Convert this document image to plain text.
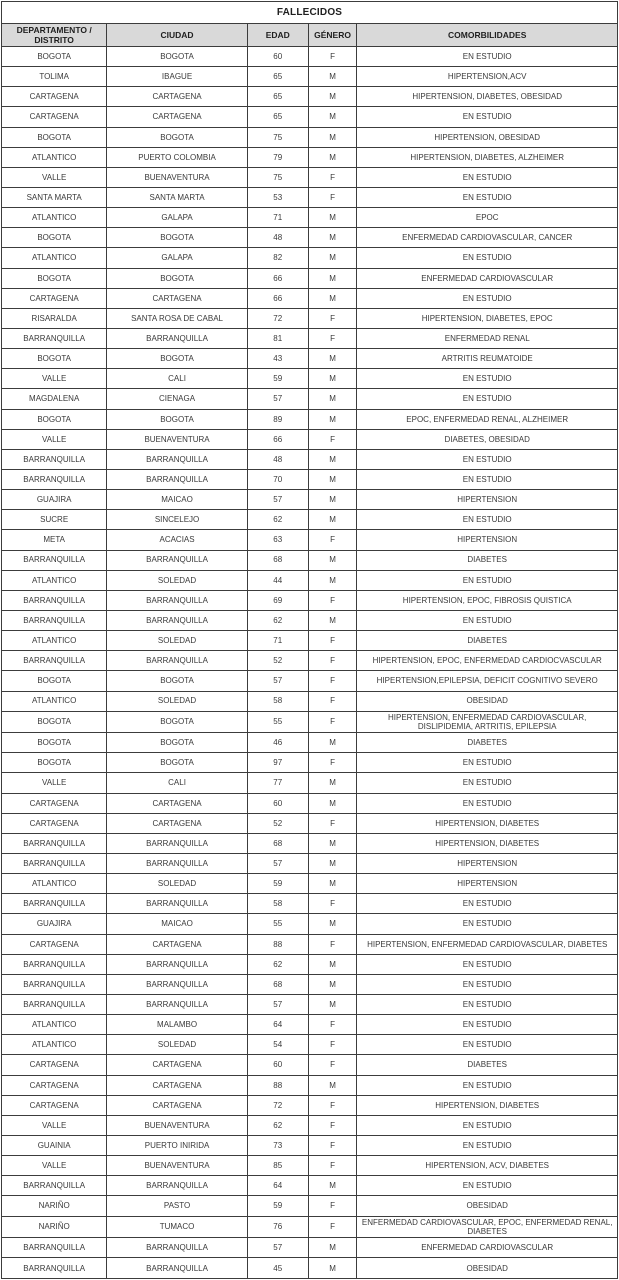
FALLECIDOS				
DEPARTAMENTO / DISTRITO	CIUDAD	EDAD	GÉNERO	COMORBILIDADES
BOGOTA	BOGOTA	60	F	EN ESTUDIO
TOLIMA	IBAGUE	65	M	HIPERTENSION,ACV
CARTAGENA	CARTAGENA	65	M	HIPERTENSION, DIABETES, OBESIDAD
CARTAGENA	CARTAGENA	65	M	EN ESTUDIO
BOGOTA	BOGOTA	75	M	HIPERTENSION, OBESIDAD
ATLANTICO	PUERTO COLOMBIA	79	M	HIPERTENSION, DIABETES, ALZHEIMER
VALLE	BUENAVENTURA	75	F	EN ESTUDIO
SANTA MARTA	SANTA MARTA	53	F	EN ESTUDIO
ATLANTICO	GALAPA	71	M	EPOC
BOGOTA	BOGOTA	48	M	ENFERMEDAD CARDIOVASCULAR, CANCER
ATLANTICO	GALAPA	82	M	EN ESTUDIO
BOGOTA	BOGOTA	66	M	ENFERMEDAD CARDIOVASCULAR
CARTAGENA	CARTAGENA	66	M	EN ESTUDIO
RISARALDA	SANTA ROSA DE CABAL	72	F	HIPERTENSION, DIABETES, EPOC
BARRANQUILLA	BARRANQUILLA	81	F	ENFERMEDAD RENAL
BOGOTA	BOGOTA	43	M	ARTRITIS REUMATOIDE
VALLE	CALI	59	M	EN ESTUDIO
MAGDALENA	CIENAGA	57	M	EN ESTUDIO
BOGOTA	BOGOTA	89	M	EPOC, ENFERMEDAD RENAL, ALZHEIMER
VALLE	BUENAVENTURA	66	F	DIABETES, OBESIDAD
BARRANQUILLA	BARRANQUILLA	48	M	EN ESTUDIO
BARRANQUILLA	BARRANQUILLA	70	M	EN ESTUDIO
GUAJIRA	MAICAO	57	M	HIPERTENSION
SUCRE	SINCELEJO	62	M	EN ESTUDIO
META	ACACIAS	63	F	HIPERTENSION
BARRANQUILLA	BARRANQUILLA	68	M	DIABETES
ATLANTICO	SOLEDAD	44	M	EN ESTUDIO
BARRANQUILLA	BARRANQUILLA	69	F	HIPERTENSION, EPOC, FIBROSIS QUISTICA
BARRANQUILLA	BARRANQUILLA	62	M	EN ESTUDIO
ATLANTICO	SOLEDAD	71	F	DIABETES
BARRANQUILLA	BARRANQUILLA	52	F	HIPERTENSION, EPOC, ENFERMEDAD CARDIOCVASCULAR
BOGOTA	BOGOTA	57	F	HIPERTENSION,EPILEPSIA, DEFICIT COGNITIVO SEVERO
ATLANTICO	SOLEDAD	58	F	OBESIDAD
BOGOTA	BOGOTA	55	F	HIPERTENSION, ENFERMEDAD CARDIOVASCULAR, DISLIPIDEMIA, ARTRITIS, EPILEPSIA
BOGOTA	BOGOTA	46	M	DIABETES
BOGOTA	BOGOTA	97	F	EN ESTUDIO
VALLE	CALI	77	M	EN ESTUDIO
CARTAGENA	CARTAGENA	60	M	EN ESTUDIO
CARTAGENA	CARTAGENA	52	F	HIPERTENSION, DIABETES
BARRANQUILLA	BARRANQUILLA	68	M	HIPERTENSION, DIABETES
BARRANQUILLA	BARRANQUILLA	57	M	HIPERTENSION
ATLANTICO	SOLEDAD	59	M	HIPERTENSION
BARRANQUILLA	BARRANQUILLA	58	F	EN ESTUDIO
GUAJIRA	MAICAO	55	M	EN ESTUDIO
CARTAGENA	CARTAGENA	88	F	HIPERTENSION, ENFERMEDAD CARDIOVASCULAR, DIABETES
BARRANQUILLA	BARRANQUILLA	62	M	EN ESTUDIO
BARRANQUILLA	BARRANQUILLA	68	M	EN ESTUDIO
BARRANQUILLA	BARRANQUILLA	57	M	EN ESTUDIO
ATLANTICO	MALAMBO	64	F	EN ESTUDIO
ATLANTICO	SOLEDAD	54	F	EN ESTUDIO
CARTAGENA	CARTAGENA	60	F	DIABETES
CARTAGENA	CARTAGENA	88	M	EN ESTUDIO
CARTAGENA	CARTAGENA	72	F	HIPERTENSION, DIABETES
VALLE	BUENAVENTURA	62	F	EN ESTUDIO
GUAINIA	PUERTO INIRIDA	73	F	EN ESTUDIO
VALLE	BUENAVENTURA	85	F	HIPERTENSION, ACV, DIABETES
BARRANQUILLA	BARRANQUILLA	64	M	EN ESTUDIO
NARIÑO	PASTO	59	F	OBESIDAD
NARIÑO	TUMACO	76	F	ENFERMEDAD CARDIOVASCULAR, EPOC, ENFERMEDAD RENAL, DIABETES
BARRANQUILLA	BARRANQUILLA	57	M	ENFERMEDAD CARDIOVASCULAR
BARRANQUILLA	BARRANQUILLA	45	M	OBESIDAD
